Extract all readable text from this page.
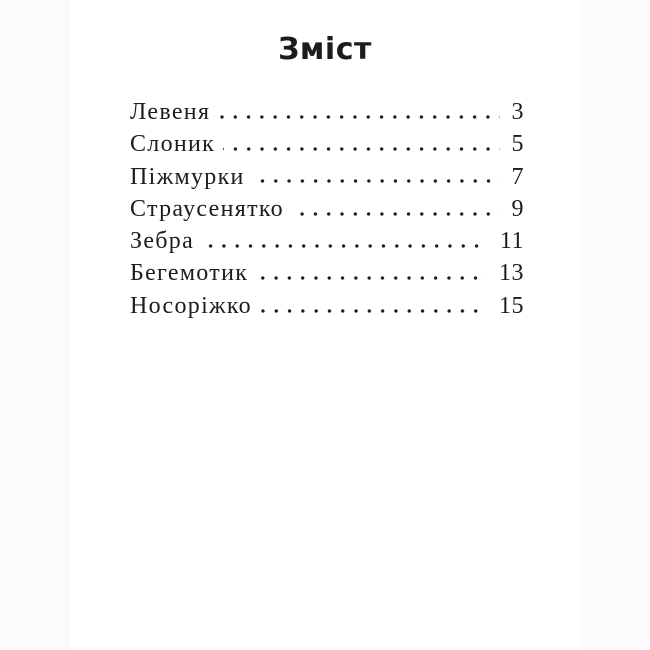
Зміст
Левеня	3
Слоник	5
Піжмурки	7
Страусенятко	9
Зебра	11
Бегемотик	13
Носоріжко	15
